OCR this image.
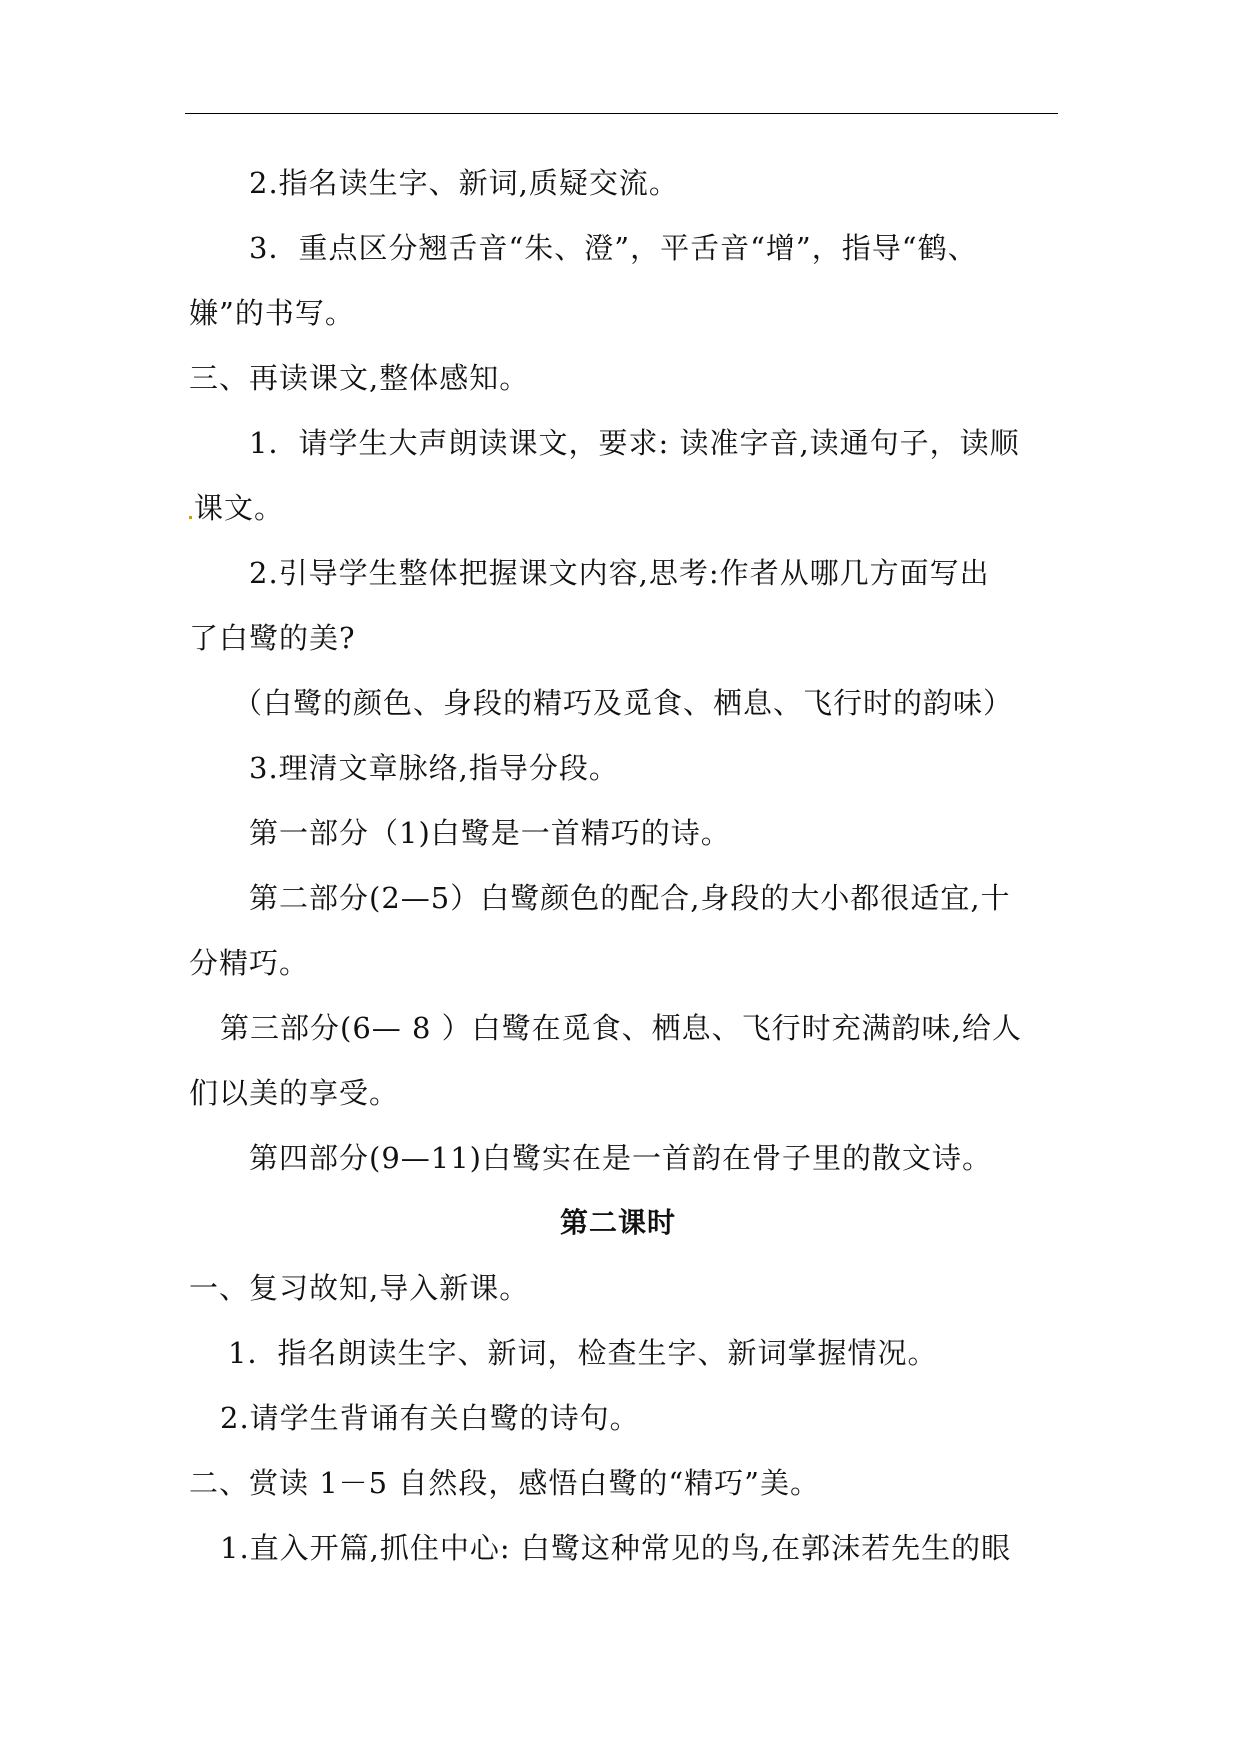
2.指名读生字、新词,质疑交流。
3．重点区分翘舌音“朱、澄”，平舌音“增”，指导“鹤、
嫌”的书写。
三、再读课文,整体感知。
1．请学生大声朗读课文，要求: 读准字音,读通句子，读顺
课文。
2.引导学生整体把握课文内容,思考:作者从哪几方面写出
了白鹭的美?
（白鹭的颜色、身段的精巧及觅食、栖息、飞行时的韵味）
3.理清文章脉络,指导分段。
第一部分（1)白鹭是一首精巧的诗。
第二部分(2—5）白鹭颜色的配合,身段的大小都很适宜,十
分精巧。
第三部分(6— 8 ）白鹭在觅食、栖息、飞行时充满韵味,给人
们以美的享受。
第四部分(9—11)白鹭实在是一首韵在骨子里的散文诗。
第二课时
一、复习故知,导入新课。
1．指名朗读生字、新词，检查生字、新词掌握情况。
2.请学生背诵有关白鹭的诗句。
二、赏读 1－5 自然段，感悟白鹭的“精巧”美。
1.直入开篇,抓住中心: 白鹭这种常见的鸟,在郭沫若先生的眼
